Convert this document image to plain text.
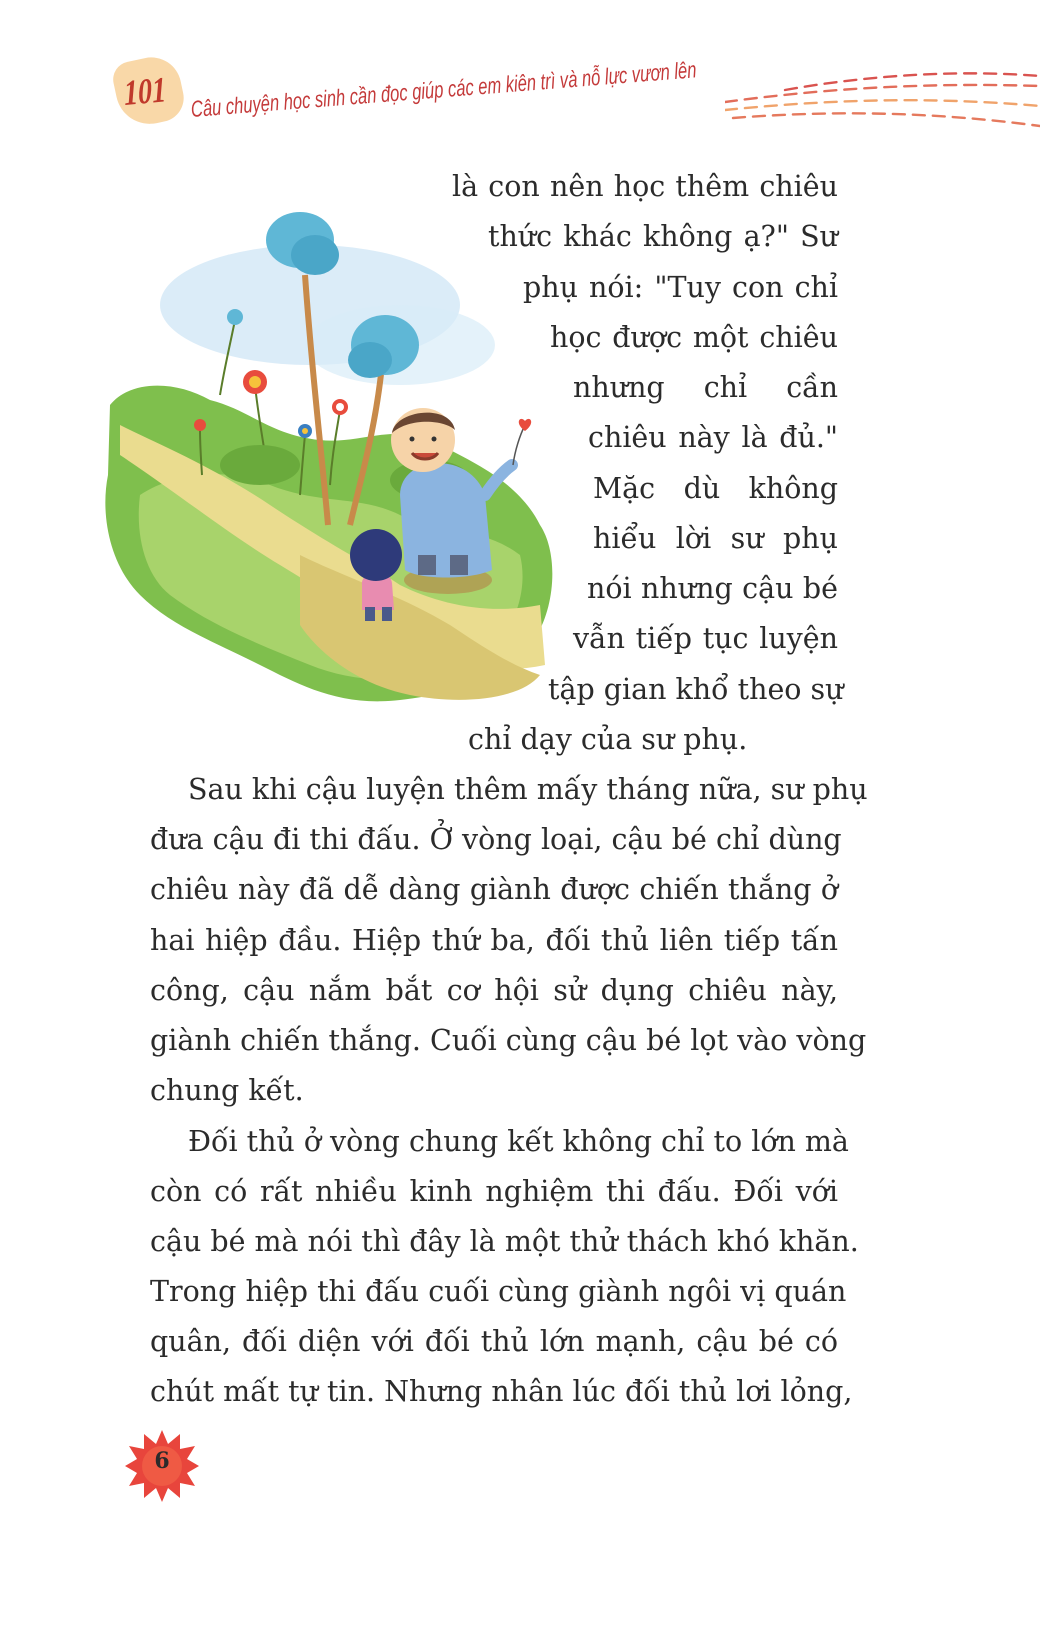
101 Câu chuyện học sinh cần đọc giúp các em kiên trì và nỗ lực vươn lên
là con nên học thêm chiêu
thức khác không ạ?" Sư
phụ nói: "Tuy con chỉ
học được một chiêu
nhưng chỉ cần
chiêu này là đủ."
Mặc dù không
hiểu lời sư phụ
nói nhưng cậu bé
vẫn tiếp tục luyện
tập gian khổ theo sự
chỉ dạy của sư phụ.
Sau khi cậu luyện thêm mấy tháng nữa, sư phụ
đưa cậu đi thi đấu. Ở vòng loại, cậu bé chỉ dùng
chiêu này đã dễ dàng giành được chiến thắng ở
hai hiệp đầu. Hiệp thứ ba, đối thủ liên tiếp tấn
công, cậu nắm bắt cơ hội sử dụng chiêu này,
giành chiến thắng. Cuối cùng cậu bé lọt vào vòng
chung kết.
Đối thủ ở vòng chung kết không chỉ to lớn mà
còn có rất nhiều kinh nghiệm thi đấu. Đối với
cậu bé mà nói thì đây là một thử thách khó khăn.
Trong hiệp thi đấu cuối cùng giành ngôi vị quán
quân, đối diện với đối thủ lớn mạnh, cậu bé có
chút mất tự tin. Nhưng nhân lúc đối thủ lơi lỏng,
6
